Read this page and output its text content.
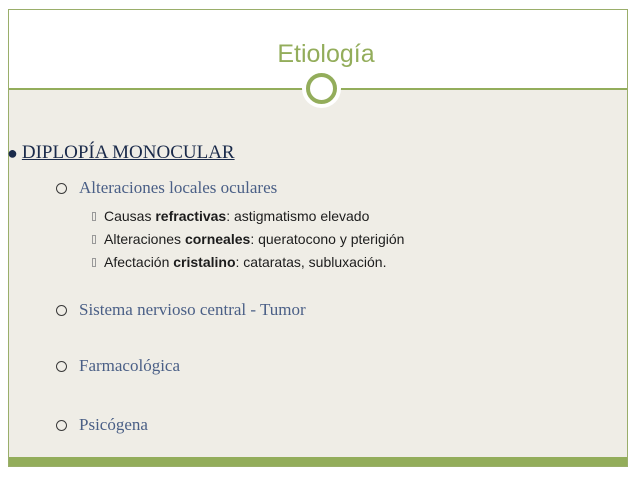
Etiología
● DIPLOPÍA MONOCULAR
Alteraciones locales oculares
Causas refractivas: astigmatismo elevado
Alteraciones corneales: queratocono y pterigión
Afectación cristalino: cataratas, subluxación.
Sistema nervioso central - Tumor
Farmacológica
Psicógena
